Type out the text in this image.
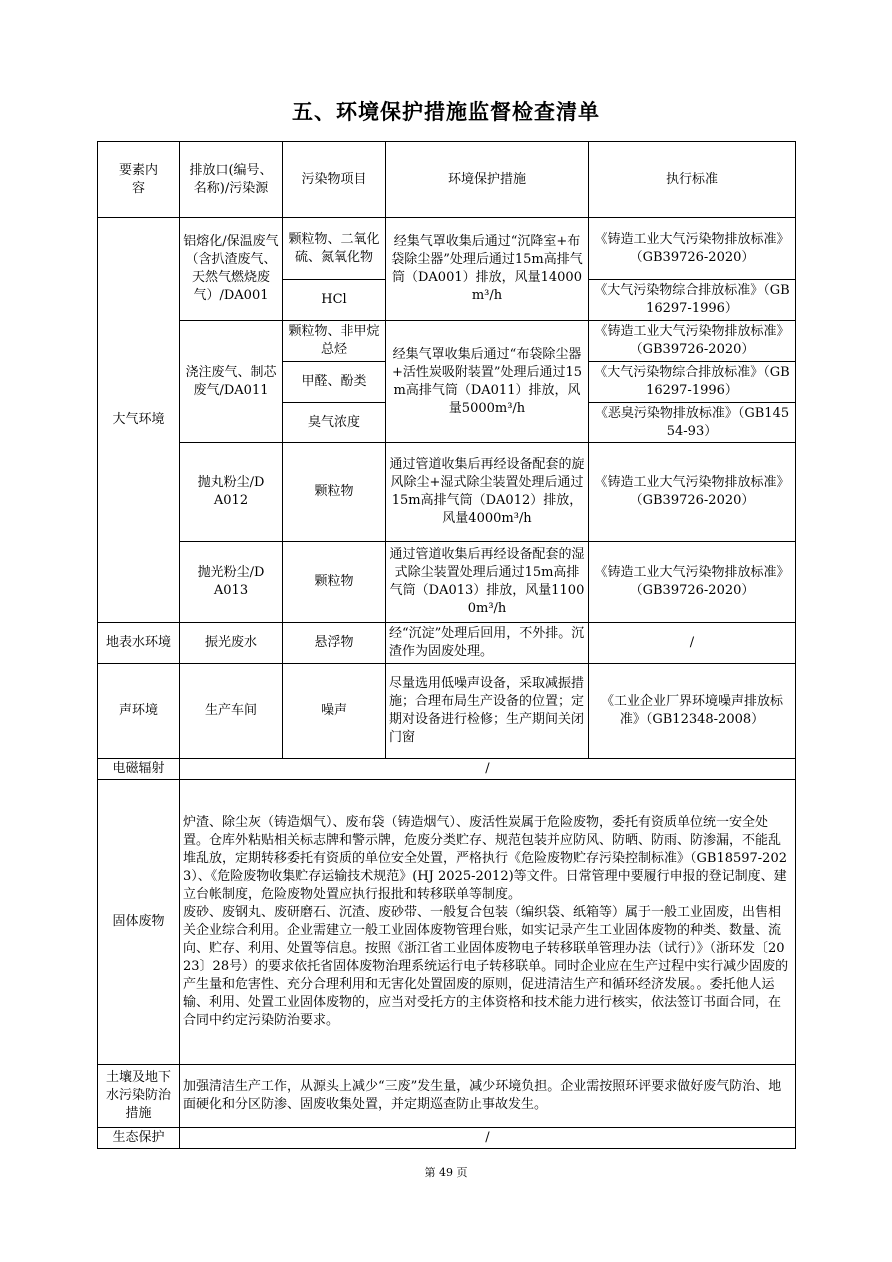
五、环境保护措施监督检查清单
要素内容	排放口(编号、名称)/污染源	污染物项目	环境保护措施	执行标准
大气环境	铝熔化/保温废气（含扒渣废气、天然气燃烧废气）/DA001	颗粒物、二氧化硫、氮氧化物	经集气罩收集后通过“沉降室+布袋除尘器”处理后通过15m高排气筒（DA001）排放，风量14000m³/h	《铸造工业大气污染物排放标准》（GB39726-2020）
		HCl		《大气污染物综合排放标准》（GB16297-1996）
	浇注废气、制芯废气/DA011	颗粒物、非甲烷总烃	经集气罩收集后通过“布袋除尘器+活性炭吸附装置”处理后通过15m高排气筒（DA011）排放，风量5000m³/h	《铸造工业大气污染物排放标准》（GB39726-2020）
		甲醛、酚类		《大气污染物综合排放标准》（GB16297-1996）
		臭气浓度		《恶臭污染物排放标准》（GB14554-93）
	抛丸粉尘/DA012	颗粒物	通过管道收集后再经设备配套的旋风除尘+湿式除尘装置处理后通过15m高排气筒（DA012）排放，风量4000m³/h	《铸造工业大气污染物排放标准》（GB39726-2020）
	抛光粉尘/DA013	颗粒物	通过管道收集后再经设备配套的湿式除尘装置处理后通过15m高排气筒（DA013）排放，风量11000m³/h	《铸造工业大气污染物排放标准》（GB39726-2020）

地表水环境	振光废水	悬浮物	经“沉淀”处理后回用，不外排。沉渣作为固废处理。	/
声环境	生产车间	噪声	尽量选用低噪声设备，采取减振措施；合理布局生产设备的位置；定期对设备进行检修；生产期间关闭门窗	《工业企业厂界环境噪声排放标准》（GB12348-2008）
电磁辐射	/			
固体废物	炉渣、除尘灰（铸造烟气）、废布袋（铸造烟气）、废活性炭属于危险废物，委托有资质单位统一安全处置。仓库外粘贴相关标志牌和警示牌，危废分类贮存、规范包装并应防风、防晒、防雨、防渗漏，不能乱堆乱放，定期转移委托有资质的单位安全处置，严格执行《危险废物贮存污染控制标准》（GB18597-2023）、《危险废物收集贮存运输技术规范》(HJ 2025-2012)等文件。日常管理中要履行申报的登记制度、建立台帐制度，危险废物处置应执行报批和转移联单等制度。

废砂、废钢丸、废研磨石、沉渣、废砂带、一般复合包装（编织袋、纸箱等）属于一般工业固废，出售相关企业综合利用。企业需建立一般工业固体废物管理台账，如实记录产生工业固体废物的种类、数量、流向、贮存、利用、处置等信息。按照《浙江省工业固体废物电子转移联单管理办法（试行）》（浙环发〔2023〕28号）的要求依托省固体废物治理系统运行电子转移联单。同时企业应在生产过程中实行减少固废的产生量和危害性、充分合理利用和无害化处置固废的原则，促进清洁生产和循环经济发展。。委托他人运输、利用、处置工业固体废物的，应当对受托方的主体资格和技术能力进行核实，依法签订书面合同，在合同中约定污染防治要求。			

土壤及地下水污染防治措施	加强清洁生产工作，从源头上减少“三废”发生量，减少环境负担。企业需按照环评要求做好废气防治、地面硬化和分区防渗、固废收集处置，并定期巡查防止事故发生。			
生态保护	/			
第 49 页
